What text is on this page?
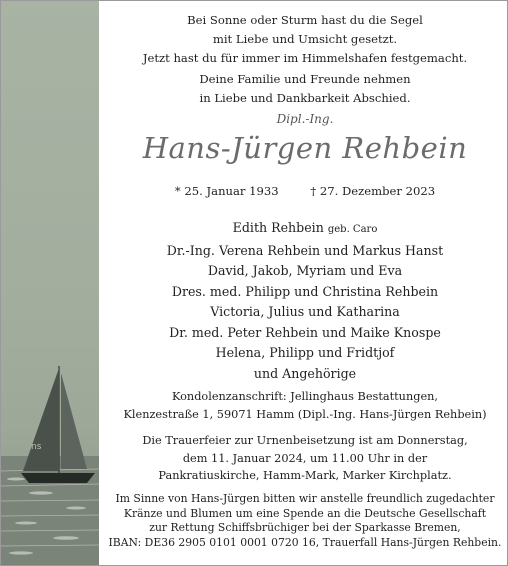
ns
Bei Sonne oder Sturm hast du die Segel
mit Liebe und Umsicht gesetzt.
Jetzt hast du für immer im Himmelshafen festgemacht.
Deine Familie und Freunde nehmen
in Liebe und Dankbarkeit Abschied.
Dipl.-Ing.
Hans-Jürgen Rehbein
* 25. Januar 1933	† 27. Dezember 2023
Edith Rehbein geb. Caro
Dr.-Ing. Verena Rehbein und Markus Hanst
David, Jakob, Myriam und Eva
Dres. med. Philipp und Christina Rehbein
Victoria, Julius und Katharina
Dr. med. Peter Rehbein und Maike Knospe
Helena, Philipp und Fridtjof
und Angehörige
Kondolenzanschrift: Jellinghaus Bestattungen,
Klenzestraße 1, 59071 Hamm (Dipl.-Ing. Hans-Jürgen Rehbein)
Die Trauerfeier zur Urnenbeisetzung ist am Donnerstag,
dem 11. Januar 2024, um 11.00 Uhr in der
Pankratiuskirche, Hamm-Mark, Marker Kirchplatz.
Im Sinne von Hans-Jürgen bitten wir anstelle freundlich zugedachter
Kränze und Blumen um eine Spende an die Deutsche Gesellschaft
zur Rettung Schiffsbrüchiger bei der Sparkasse Bremen,
IBAN: DE36 2905 0101 0001 0720 16, Trauerfall Hans-Jürgen Rehbein.
